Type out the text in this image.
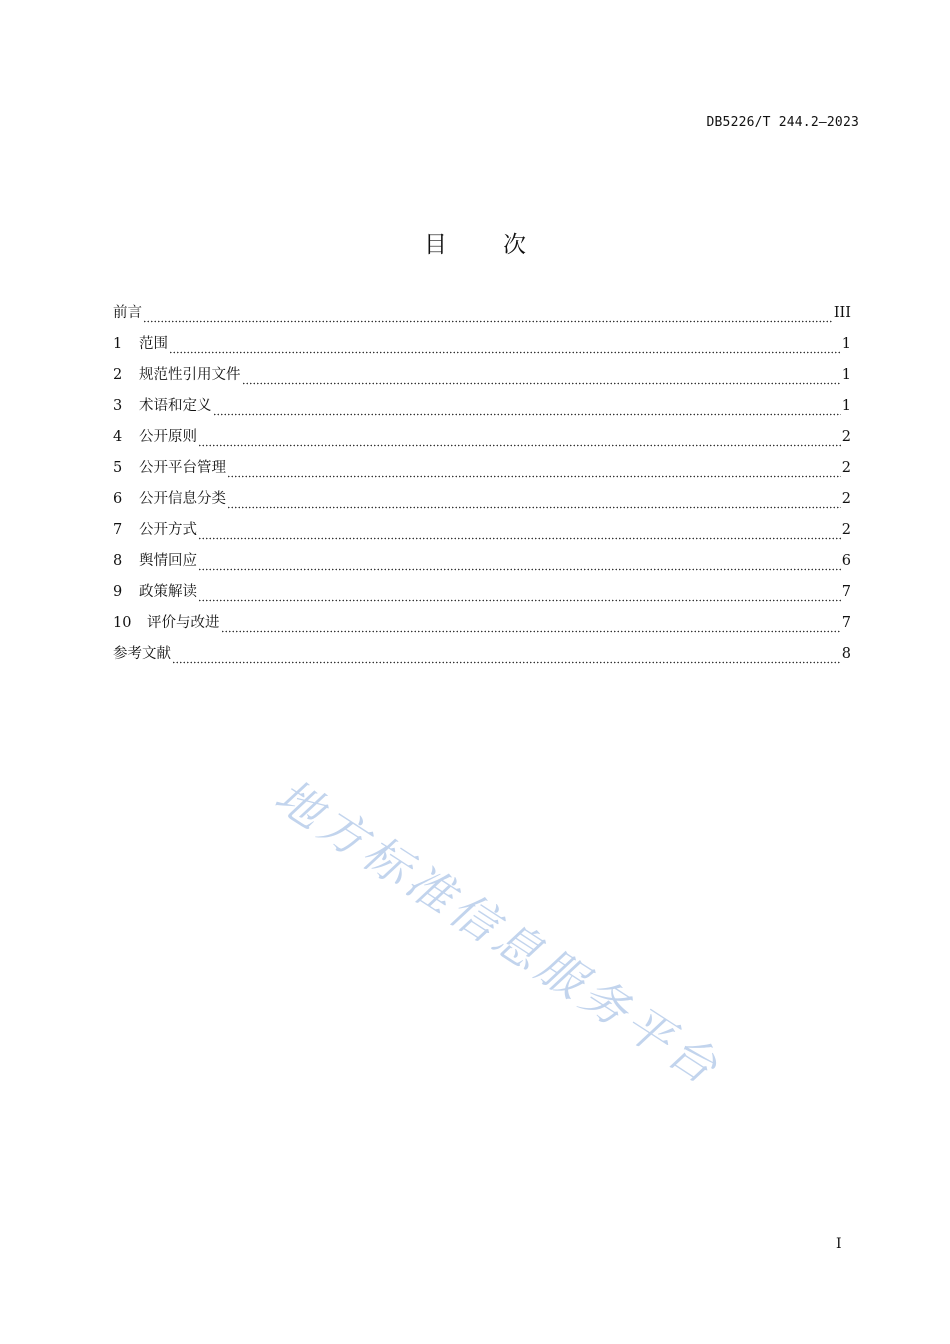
DB5226/T 244.2—2023
目次
前言	III
1	范围	1
2	规范性引用文件	1
3	术语和定义	1
4	公开原则	2
5	公开平台管理	2
6	公开信息分类	2
7	公开方式	2
8	舆情回应	6
9	政策解读	7
10	评价与改进	7
参考文献	8
地方标准信息服务平台
I
